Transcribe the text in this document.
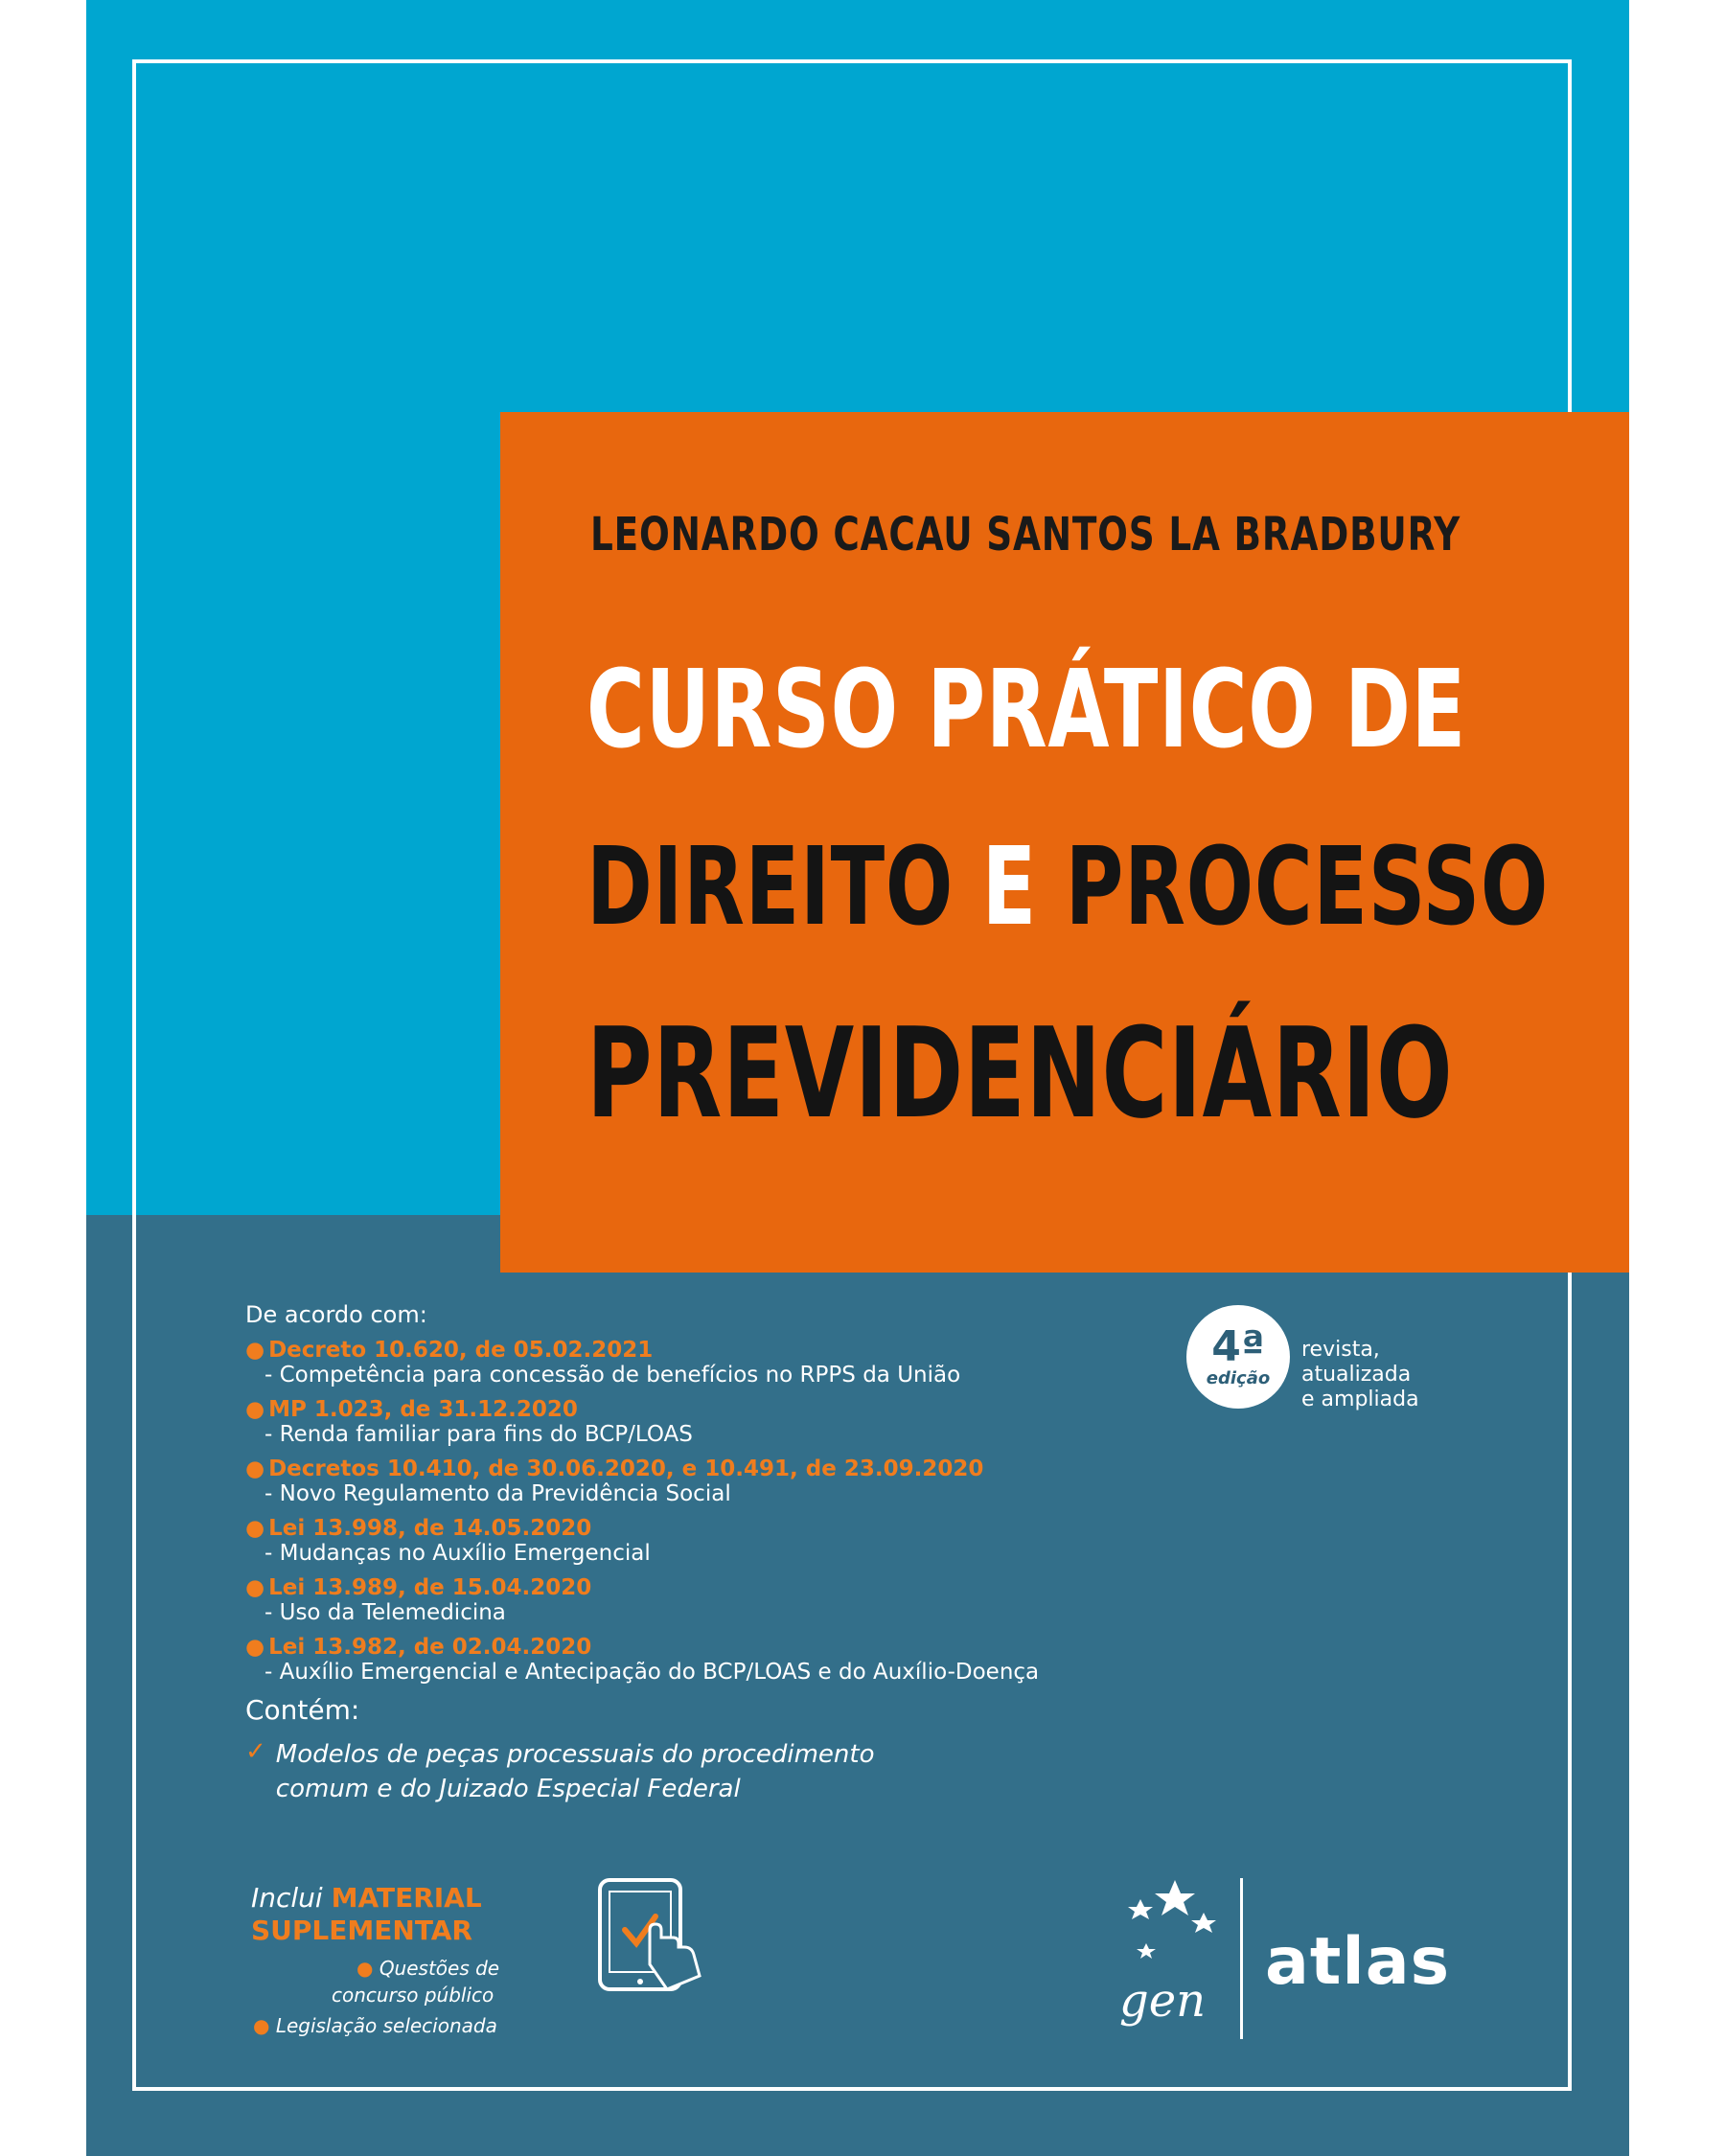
LEONARDO CACAU SANTOS LA BRADBURY
CURSO PRÁTICO DE
DIREITO E PROCESSO
PREVIDENCIÁRIO
De acordo com:
● Decreto 10.620, de 05.02.2021
- Competência para concessão de benefícios no RPPS da União
● MP 1.023, de 31.12.2020
- Renda familiar para fins do BCP/LOAS
● Decretos 10.410, de 30.06.2020, e 10.491, de 23.09.2020
- Novo Regulamento da Previdência Social
● Lei 13.998, de 14.05.2020
- Mudanças no Auxílio Emergencial
● Lei 13.989, de 15.04.2020
- Uso da Telemedicina
● Lei 13.982, de 02.04.2020
- Auxílio Emergencial e Antecipação do BCP/LOAS e do Auxílio-Doença
Contém:
✓ Modelos de peças processuais do procedimento
comum e do Juizado Especial Federal
4ª
edição
revista,
atualizada
e ampliada
Inclui MATERIAL
SUPLEMENTAR
● Questões de
concurso público
● Legislação selecionada	gen
atlas
